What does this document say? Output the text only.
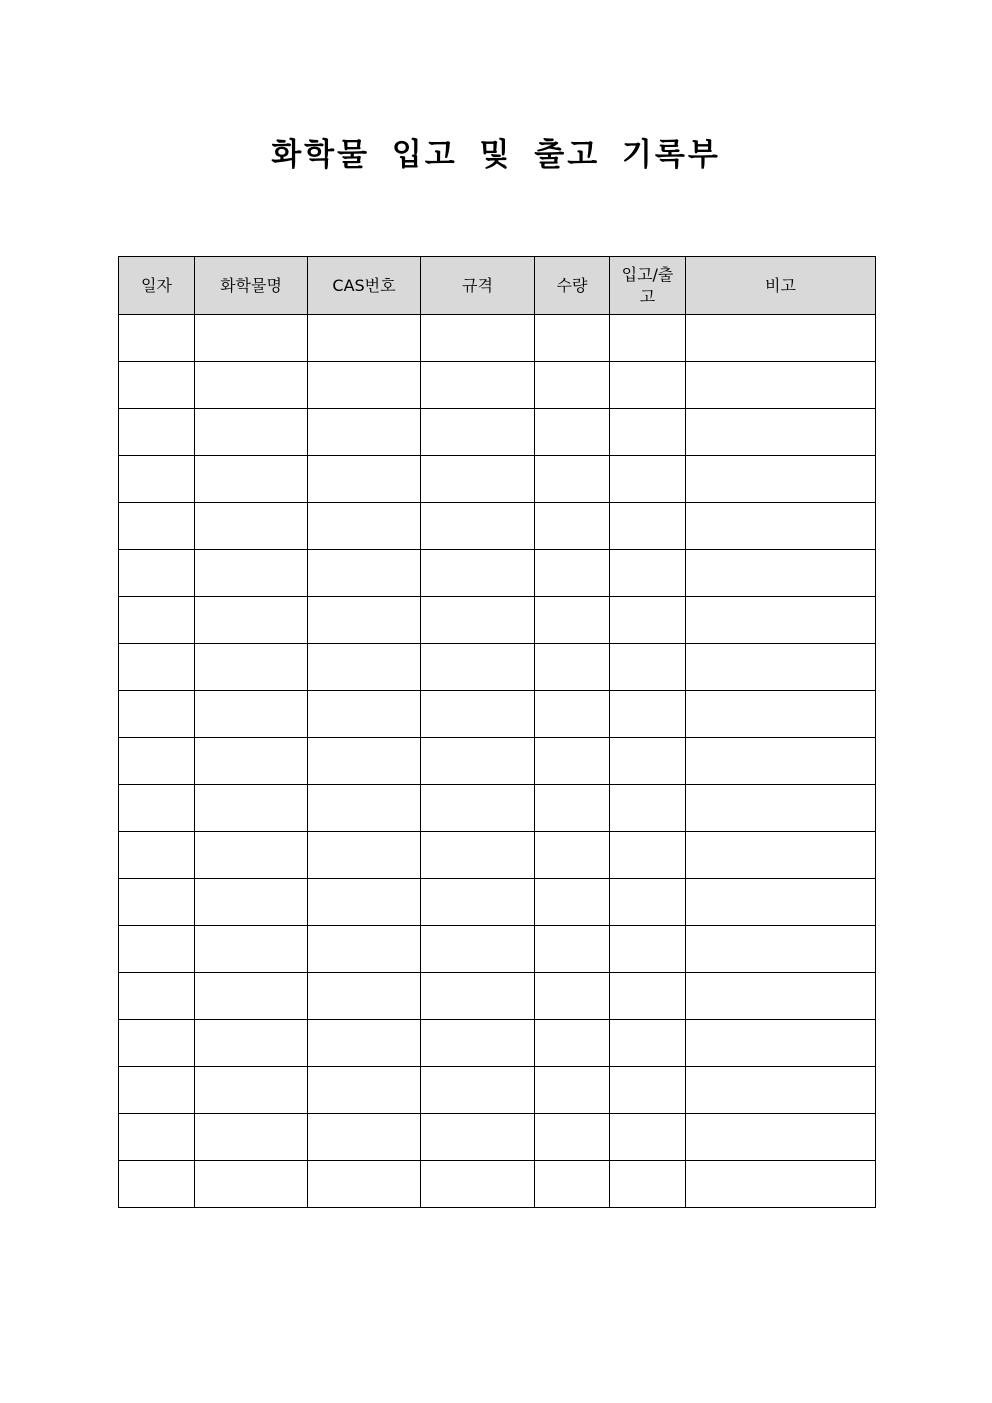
화학물 입고 및 출고 기록부
일자	화학물명	CAS번호	규격	수량	입고/출고	비고
